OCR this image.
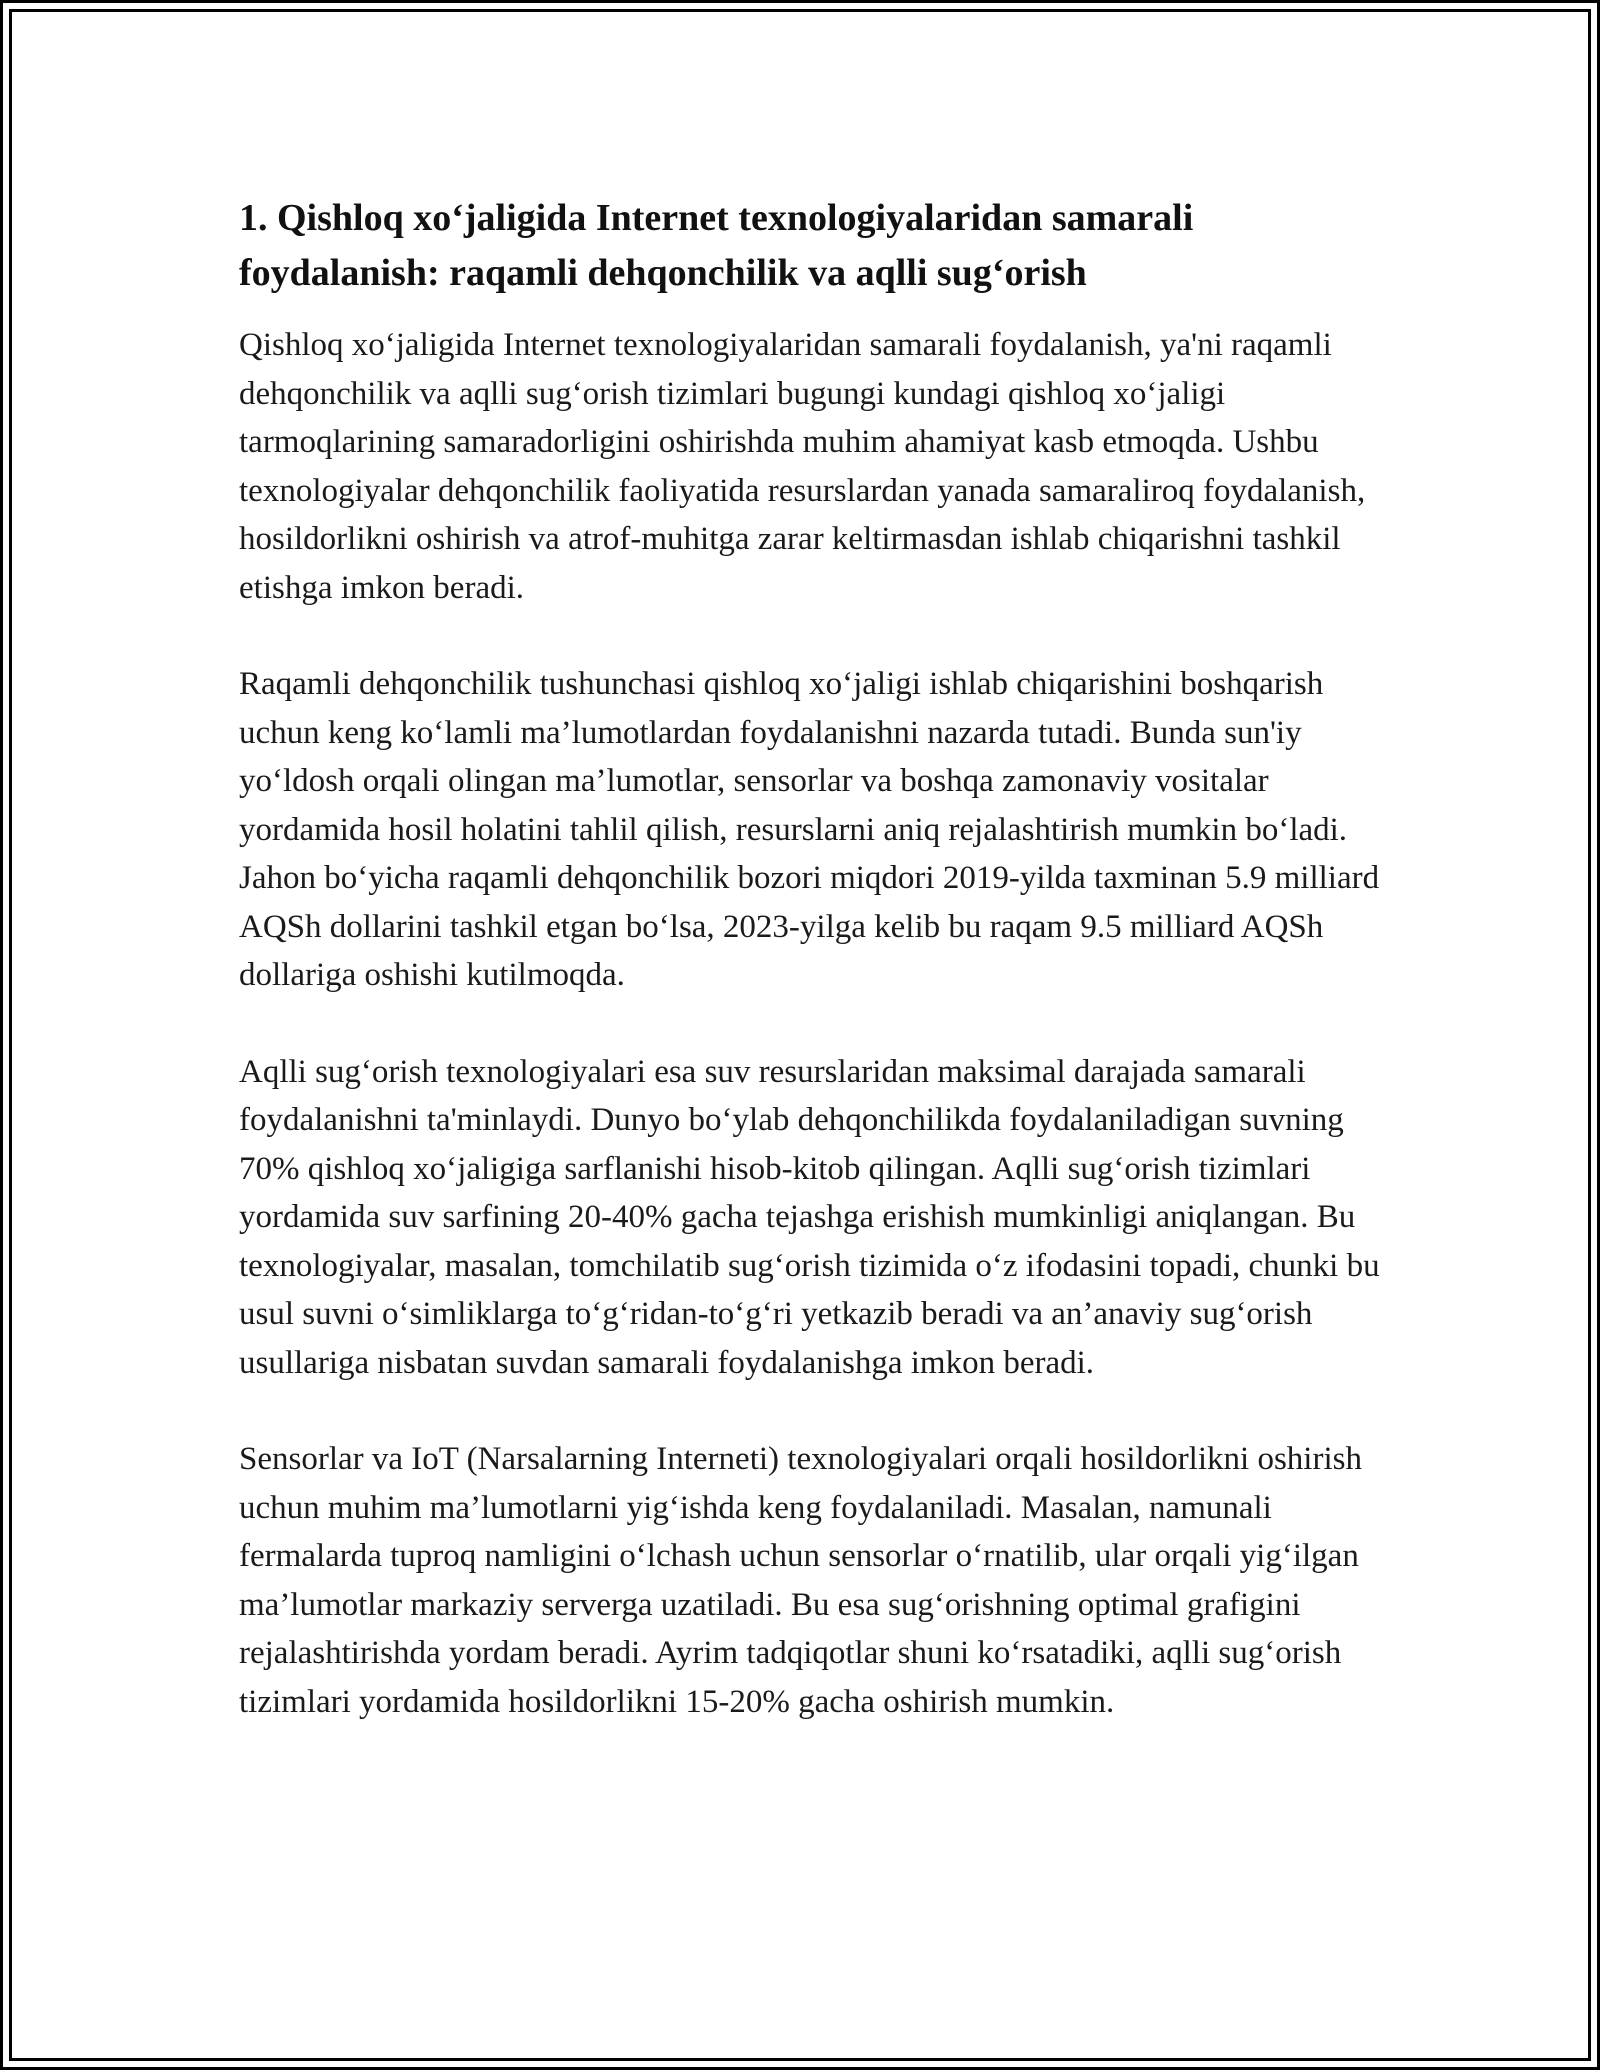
1. Qishloq xo‘jaligida Internet texnologiyalaridan samarali foydalanish: raqamli dehqonchilik va aqlli sug‘orish

Qishloq xo‘jaligida Internet texnologiyalaridan samarali foydalanish, ya'ni raqamli dehqonchilik va aqlli sug‘orish tizimlari bugungi kundagi qishloq xo‘jaligi tarmoqlarining samaradorligini oshirishda muhim ahamiyat kasb etmoqda. Ushbu texnologiyalar dehqonchilik faoliyatida resurslardan yanada samaraliroq foydalanish, hosildorlikni oshirish va atrof-muhitga zarar keltirmasdan ishlab chiqarishni tashkil etishga imkon beradi.

Raqamli dehqonchilik tushunchasi qishloq xo‘jaligi ishlab chiqarishini boshqarish uchun keng ko‘lamli ma’lumotlardan foydalanishni nazarda tutadi. Bunda sun'iy yo‘ldosh orqali olingan ma’lumotlar, sensorlar va boshqa zamonaviy vositalar yordamida hosil holatini tahlil qilish, resurslarni aniq rejalashtirish mumkin bo‘ladi. Jahon bo‘yicha raqamli dehqonchilik bozori miqdori 2019-yilda taxminan 5.9 milliard AQSh dollarini tashkil etgan bo‘lsa, 2023-yilga kelib bu raqam 9.5 milliard AQSh dollariga oshishi kutilmoqda.

Aqlli sug‘orish texnologiyalari esa suv resurslaridan maksimal darajada samarali foydalanishni ta'minlaydi. Dunyo bo‘ylab dehqonchilikda foydalaniladigan suvning 70% qishloq xo‘jaligiga sarflanishi hisob-kitob qilingan. Aqlli sug‘orish tizimlari yordamida suv sarfining 20-40% gacha tejashga erishish mumkinligi aniqlangan. Bu texnologiyalar, masalan, tomchilatib sug‘orish tizimida o‘z ifodasini topadi, chunki bu usul suvni o‘simliklarga to‘g‘ridan-to‘g‘ri yetkazib beradi va an’anaviy sug‘orish usullariga nisbatan suvdan samarali foydalanishga imkon beradi.

Sensorlar va IoT (Narsalarning Interneti) texnologiyalari orqali hosildorlikni oshirish uchun muhim ma’lumotlarni yig‘ishda keng foydalaniladi. Masalan, namunali fermalarda tuproq namligini o‘lchash uchun sensorlar o‘rnatilib, ular orqali yig‘ilgan ma’lumotlar markaziy serverga uzatiladi. Bu esa sug‘orishning optimal grafigini rejalashtirishda yordam beradi. Ayrim tadqiqotlar shuni ko‘rsatadiki, aqlli sug‘orish tizimlari yordamida hosildorlikni 15-20% gacha oshirish mumkin.
